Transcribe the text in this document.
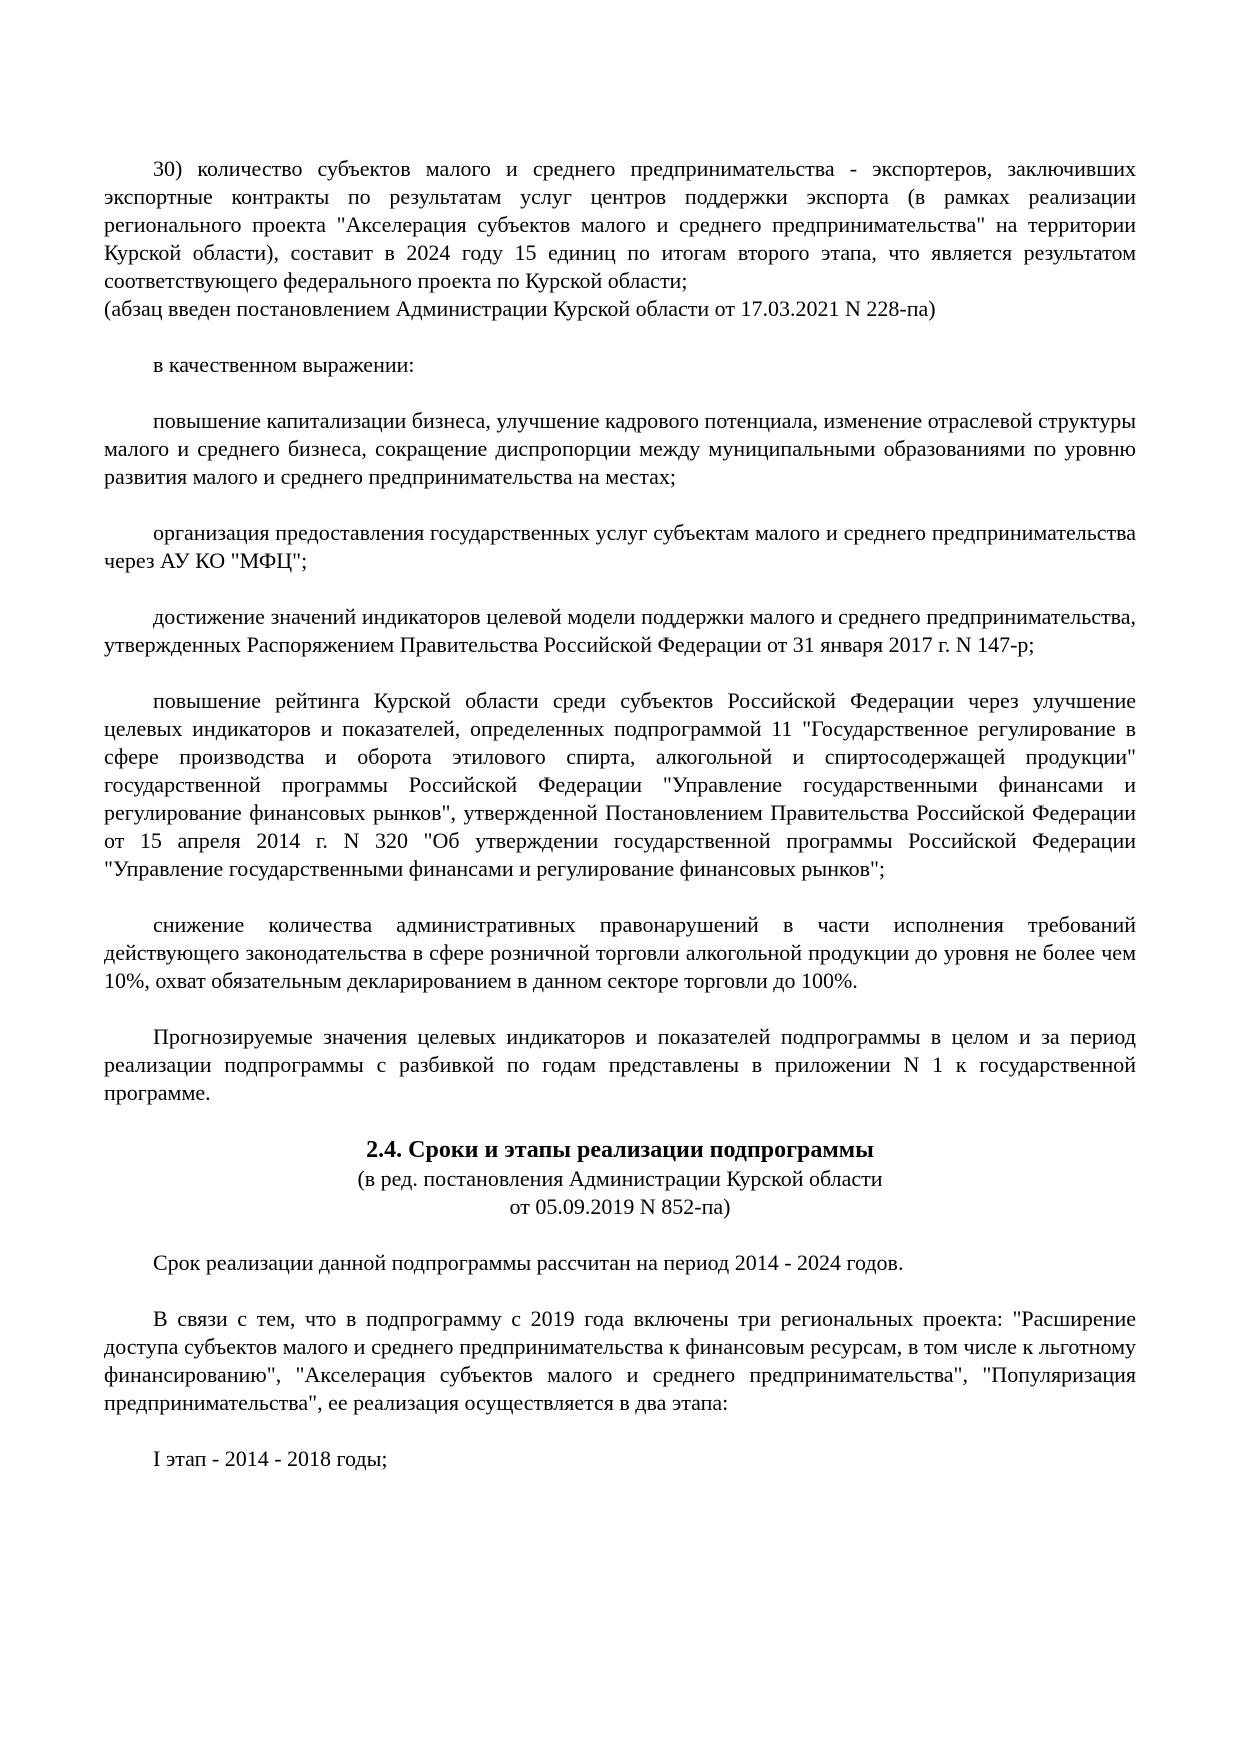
30) количество субъектов малого и среднего предпринимательства - экспортеров, заключивших экспортные контракты по результатам услуг центров поддержки экспорта (в рамках реализации регионального проекта "Акселерация субъектов малого и среднего предпринимательства" на территории Курской области), составит в 2024 году 15 единиц по итогам второго этапа, что является результатом соответствующего федерального проекта по Курской области;

(абзац введен постановлением Администрации Курской области от 17.03.2021 N 228-па)

в качественном выражении:

повышение капитализации бизнеса, улучшение кадрового потенциала, изменение отраслевой структуры малого и среднего бизнеса, сокращение диспропорции между муниципальными образованиями по уровню развития малого и среднего предпринимательства на местах;

организация предоставления государственных услуг субъектам малого и среднего предпринимательства через АУ КО "МФЦ";

достижение значений индикаторов целевой модели поддержки малого и среднего предпринимательства, утвержденных Распоряжением Правительства Российской Федерации от 31 января 2017 г. N 147-р;

повышение рейтинга Курской области среди субъектов Российской Федерации через улучшение целевых индикаторов и показателей, определенных подпрограммой 11 "Государственное регулирование в сфере производства и оборота этилового спирта, алкогольной и спиртосодержащей продукции" государственной программы Российской Федерации "Управление государственными финансами и регулирование финансовых рынков", утвержденной Постановлением Правительства Российской Федерации от 15 апреля 2014 г. N 320 "Об утверждении государственной программы Российской Федерации "Управление государственными финансами и регулирование финансовых рынков";

снижение количества административных правонарушений в части исполнения требований действующего законодательства в сфере розничной торговли алкогольной продукции до уровня не более чем 10%, охват обязательным декларированием в данном секторе торговли до 100%.

Прогнозируемые значения целевых индикаторов и показателей подпрограммы в целом и за период реализации подпрограммы с разбивкой по годам представлены в приложении N 1 к государственной программе.

2.4. Сроки и этапы реализации подпрограммы

(в ред. постановления Администрации Курской области

от 05.09.2019 N 852-па)

Срок реализации данной подпрограммы рассчитан на период 2014 - 2024 годов.

В связи с тем, что в подпрограмму с 2019 года включены три региональных проекта: "Расширение доступа субъектов малого и среднего предпринимательства к финансовым ресурсам, в том числе к льготному финансированию", "Акселерация субъектов малого и среднего предпринимательства", "Популяризация предпринимательства", ее реализация осуществляется в два этапа:

I этап - 2014 - 2018 годы;
